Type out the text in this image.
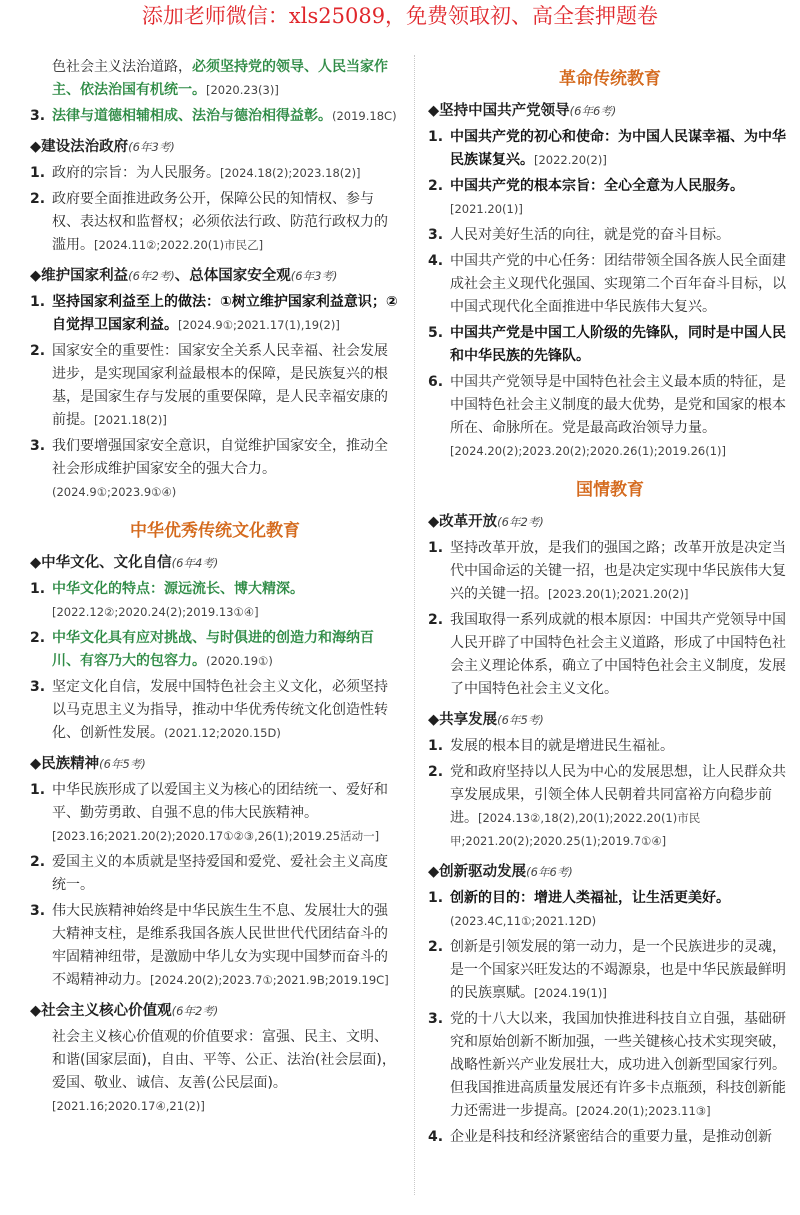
添加老师微信：xls25089，免费领取初、高全套押题卷
色社会主义法治道路，必须坚持党的领导、人民当家作主、依法治国有机统一。[2020.23(3)]
3. 法律与道德相辅相成、法治与德治相得益彰。(2019.18C)
◆建设法治政府(6年3考)
1. 政府的宗旨：为人民服务。[2024.18(2);2023.18(2)]
2. 政府要全面推进政务公开，保障公民的知情权、参与权、表达权和监督权；必须依法行政、防范行政权力的滥用。[2024.11②;2022.20(1)市民乙]
◆维护国家利益(6年2考)、总体国家安全观(6年3考)
1. 坚持国家利益至上的做法：①树立维护国家利益意识；②自觉捍卫国家利益。[2024.9①;2021.17(1),19(2)]
2. 国家安全的重要性：国家安全关系人民幸福、社会发展进步，是实现国家利益最根本的保障，是民族复兴的根基，是国家生存与发展的重要保障，是人民幸福安康的前提。[2021.18(2)]
3. 我们要增强国家安全意识，自觉维护国家安全，推动全社会形成维护国家安全的强大合力。(2024.9①;2023.9①④)
中华优秀传统文化教育
◆中华文化、文化自信(6年4考)
1. 中华文化的特点：源远流长、博大精深。[2022.12②;2020.24(2);2019.13①④]
2. 中华文化具有应对挑战、与时俱进的创造力和海纳百川、有容乃大的包容力。(2020.19①)
3. 坚定文化自信，发展中国特色社会主义文化，必须坚持以马克思主义为指导，推动中华优秀传统文化创造性转化、创新性发展。(2021.12;2020.15D)
◆民族精神(6年5考)
1. 中华民族形成了以爱国主义为核心的团结统一、爱好和平、勤劳勇敢、自强不息的伟大民族精神。[2023.16;2021.20(2);2020.17①②③,26(1);2019.25活动一]
2. 爱国主义的本质就是坚持爱国和爱党、爱社会主义高度统一。
3. 伟大民族精神始终是中华民族生生不息、发展壮大的强大精神支柱，是维系我国各族人民世世代代团结奋斗的牢固精神纽带，是激励中华儿女为实现中国梦而奋斗的不竭精神动力。[2024.20(2);2023.7①;2021.9B;2019.19C]
◆社会主义核心价值观(6年2考)
社会主义核心价值观的价值要求：富强、民主、文明、和谐(国家层面)，自由、平等、公正、法治(社会层面)，爱国、敬业、诚信、友善(公民层面)。[2021.16;2020.17④,21(2)]
革命传统教育
◆坚持中国共产党领导(6年6考)
1. 中国共产党的初心和使命：为中国人民谋幸福、为中华民族谋复兴。[2022.20(2)]
2. 中国共产党的根本宗旨：全心全意为人民服务。[2021.20(1)]
3. 人民对美好生活的向往，就是党的奋斗目标。
4. 中国共产党的中心任务：团结带领全国各族人民全面建成社会主义现代化强国、实现第二个百年奋斗目标，以中国式现代化全面推进中华民族伟大复兴。
5. 中国共产党是中国工人阶级的先锋队，同时是中国人民和中华民族的先锋队。
6. 中国共产党领导是中国特色社会主义最本质的特征，是中国特色社会主义制度的最大优势，是党和国家的根本所在、命脉所在。党是最高政治领导力量。[2024.20(2);2023.20(2);2020.26(1);2019.26(1)]
国情教育
◆改革开放(6年2考)
1. 坚持改革开放，是我们的强国之路；改革开放是决定当代中国命运的关键一招，也是决定实现中华民族伟大复兴的关键一招。[2023.20(1);2021.20(2)]
2. 我国取得一系列成就的根本原因：中国共产党领导中国人民开辟了中国特色社会主义道路，形成了中国特色社会主义理论体系，确立了中国特色社会主义制度，发展了中国特色社会主义文化。
◆共享发展(6年5考)
1. 发展的根本目的就是增进民生福祉。
2. 党和政府坚持以人民为中心的发展思想，让人民群众共享发展成果，引领全体人民朝着共同富裕方向稳步前进。[2024.13②,18(2),20(1);2022.20(1)市民甲;2021.20(2);2020.25(1);2019.7①④]
◆创新驱动发展(6年6考)
1. 创新的目的：增进人类福祉，让生活更美好。(2023.4C,11①;2021.12D)
2. 创新是引领发展的第一动力，是一个民族进步的灵魂，是一个国家兴旺发达的不竭源泉，也是中华民族最鲜明的民族禀赋。[2024.19(1)]
3. 党的十八大以来，我国加快推进科技自立自强，基础研究和原始创新不断加强，一些关键核心技术实现突破，战略性新兴产业发展壮大，成功进入创新型国家行列。但我国推进高质量发展还有许多卡点瓶颈，科技创新能力还需进一步提高。[2024.20(1);2023.11③]
4. 企业是科技和经济紧密结合的重要力量，是推动创新
